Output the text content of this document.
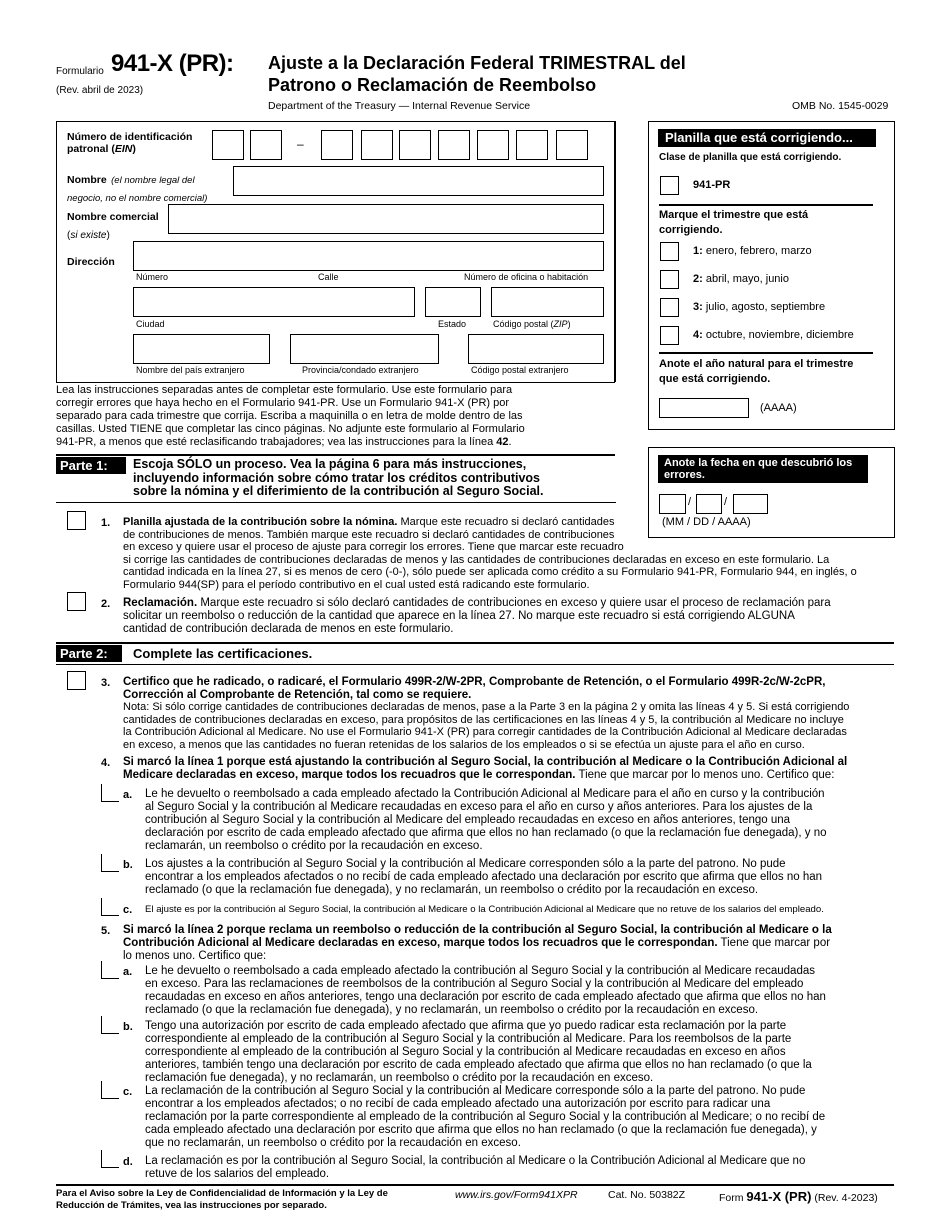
Formulario 941-X (PR):
(Rev. abril de 2023)
Ajuste a la Declaración Federal TRIMESTRAL del
Patrono o Reclamación de Reembolso
Department of the Treasury — Internal Revenue Service	OMB No. 1545-0029
Número de identificación
patronal (EIN)	–
Nombre (el nombre legal del negocio, no el nombre comercial)
Nombre comercial
(si existe)
Dirección
Número	Calle	Número de oficina o habitación
Ciudad	Estado	Código postal (ZIP)
Nombre del país extranjero	Provincia/condado extranjero	Código postal extranjero
Planilla que está corrigiendo...
Clase de planilla que está corrigiendo.
941-PR
Marque el trimestre que está corrigiendo.
1: enero, febrero, marzo
2: abril, mayo, junio
3: julio, agosto, septiembre
4: octubre, noviembre, diciembre
Anote el año natural para el trimestre que está corrigiendo.
(AAAA)
Anote la fecha en que descubrió los errores.
/	/
(MM / DD / AAAA)
Lea las instrucciones separadas antes de completar este formulario. Use este formulario para
corregir errores que haya hecho en el Formulario 941-PR. Use un Formulario 941-X (PR) por
separado para cada trimestre que corrija. Escriba a maquinilla o en letra de molde dentro de las
casillas. Usted TIENE que completar las cinco páginas. No adjunte este formulario al Formulario
941-PR, a menos que esté reclasificando trabajadores; vea las instrucciones para la línea 42.
Parte 1:	Escoja SÓLO un proceso. Vea la página 6 para más instrucciones,
incluyendo información sobre cómo tratar los créditos contributivos
sobre la nómina y el diferimiento de la contribución al Seguro Social.
1. Planilla ajustada de la contribución sobre la nómina. Marque este recuadro si declaró cantidades
de contribuciones de menos. También marque este recuadro si declaró cantidades de contribuciones
en exceso y quiere usar el proceso de ajuste para corregir los errores. Tiene que marcar este recuadro
si corrige las cantidades de contribuciones declaradas de menos y las cantidades de contribuciones declaradas en exceso en este formulario. La
cantidad indicada en la línea 27, si es menos de cero (-0-), sólo puede ser aplicada como crédito a su Formulario 941-PR, Formulario 944, en inglés, o
Formulario 944(SP) para el período contributivo en el cual usted está radicando este formulario.
2. Reclamación. Marque este recuadro si sólo declaró cantidades de contribuciones en exceso y quiere usar el proceso de reclamación para
solicitar un reembolso o reducción de la cantidad que aparece en la línea 27. No marque este recuadro si está corrigiendo ALGUNA
cantidad de contribución declarada de menos en este formulario.
Parte 2:	Complete las certificaciones.
3. Certifico que he radicado, o radicaré, el Formulario 499R-2/W-2PR, Comprobante de Retención, o el Formulario 499R-2c/W-2cPR,
Corrección al Comprobante de Retención, tal como se requiere.
Nota: Si sólo corrige cantidades de contribuciones declaradas de menos, pase a la Parte 3 en la página 2 y omita las líneas 4 y 5. Si está corrigiendo
cantidades de contribuciones declaradas en exceso, para propósitos de las certificaciones en las líneas 4 y 5, la contribución al Medicare no incluye
la Contribución Adicional al Medicare. No use el Formulario 941-X (PR) para corregir cantidades de la Contribución Adicional al Medicare declaradas
en exceso, a menos que las cantidades no fueran retenidas de los salarios de los empleados o si se efectúa un ajuste para el año en curso.
4. Si marcó la línea 1 porque está ajustando la contribución al Seguro Social, la contribución al Medicare o la Contribución Adicional al
Medicare declaradas en exceso, marque todos los recuadros que le correspondan. Tiene que marcar por lo menos uno. Certifico que:
a. Le he devuelto o reembolsado a cada empleado afectado la Contribución Adicional al Medicare para el año en curso y la contribución
al Seguro Social y la contribución al Medicare recaudadas en exceso para el año en curso y años anteriores. Para los ajustes de la
contribución al Seguro Social y la contribución al Medicare del empleado recaudadas en exceso en años anteriores, tengo una
declaración por escrito de cada empleado afectado que afirma que ellos no han reclamado (o que la reclamación fue denegada), y no
reclamarán, un reembolso o crédito por la recaudación en exceso.
b. Los ajustes a la contribución al Seguro Social y la contribución al Medicare corresponden sólo a la parte del patrono. No pude
encontrar a los empleados afectados o no recibí de cada empleado afectado una declaración por escrito que afirma que ellos no han
reclamado (o que la reclamación fue denegada), y no reclamarán, un reembolso o crédito por la recaudación en exceso.
c. El ajuste es por la contribución al Seguro Social, la contribución al Medicare o la Contribución Adicional al Medicare que no retuve de los salarios del empleado.
5. Si marcó la línea 2 porque reclama un reembolso o reducción de la contribución al Seguro Social, la contribución al Medicare o la
Contribución Adicional al Medicare declaradas en exceso, marque todos los recuadros que le correspondan. Tiene que marcar por
lo menos uno. Certifico que:
a. Le he devuelto o reembolsado a cada empleado afectado la contribución al Seguro Social y la contribución al Medicare recaudadas
en exceso. Para las reclamaciones de reembolsos de la contribución al Seguro Social y la contribución al Medicare del empleado
recaudadas en exceso en años anteriores, tengo una declaración por escrito de cada empleado afectado que afirma que ellos no han
reclamado (o que la reclamación fue denegada), y no reclamarán, un reembolso o crédito por la recaudación en exceso.
b. Tengo una autorización por escrito de cada empleado afectado que afirma que yo puedo radicar esta reclamación por la parte
correspondiente al empleado de la contribución al Seguro Social y la contribución al Medicare. Para los reembolsos de la parte
correspondiente al empleado de la contribución al Seguro Social y la contribución al Medicare recaudadas en exceso en años
anteriores, también tengo una declaración por escrito de cada empleado afectado que afirma que ellos no han reclamado (o que la
reclamación fue denegada), y no reclamarán, un reembolso o crédito por la recaudación en exceso.
c. La reclamación de la contribución al Seguro Social y la contribución al Medicare corresponde sólo a la parte del patrono. No pude
encontrar a los empleados afectados; o no recibí de cada empleado afectado una autorización por escrito para radicar una
reclamación por la parte correspondiente al empleado de la contribución al Seguro Social y la contribución al Medicare; o no recibí de
cada empleado afectado una declaración por escrito que afirma que ellos no han reclamado (o que la reclamación fue denegada), y
que no reclamarán, un reembolso o crédito por la recaudación en exceso.
d. La reclamación es por la contribución al Seguro Social, la contribución al Medicare o la Contribución Adicional al Medicare que no
retuve de los salarios del empleado.
Para el Aviso sobre la Ley de Confidencialidad de Información y la Ley de
Reducción de Trámites, vea las instrucciones por separado.
www.irs.gov/Form941XPR	Cat. No. 50382Z	Form 941-X (PR) (Rev. 4-2023)
